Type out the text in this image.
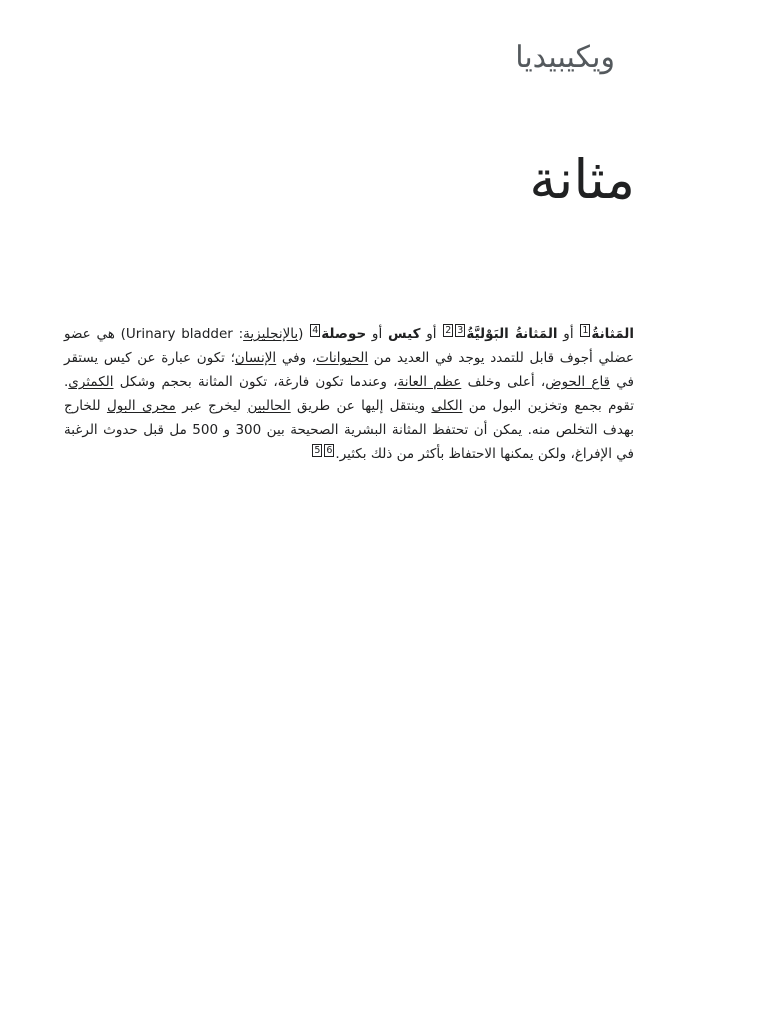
ويكيبيديا
مثانة

المَثانةُ$^1$ أو المَثانةُ البَوْليَّةُ$^2$ $^3$ أو كيس أو حوصلة$^4$ (بالإنجليزية: Urinary bladder) هي عضو عضلي أجوف قابل للتمدد يوجد في العديد من الحيوانات، وفي الإنسان؛ تكون عبارة عن كيس يستقر في قاع الحوض، أعلى وخلف عظم العانة، وعندما تكون فارغة، تكون المثانة بحجم وشكل الكمثرى. تقوم بجمع وتخزين البول من الكلى وينتقل إليها عن طريق الحالبين ليخرج عبر مجرى البول للخارج بهدف التخلص منه. يمكن أن تحتفظ المثانة البشرية الصحيحة بين 300 و 500 مل قبل حدوث الرغبة في الإفراغ، ولكن يمكنها الاحتفاظ بأكثر من ذلك بكثير.$^5$ $^6$
